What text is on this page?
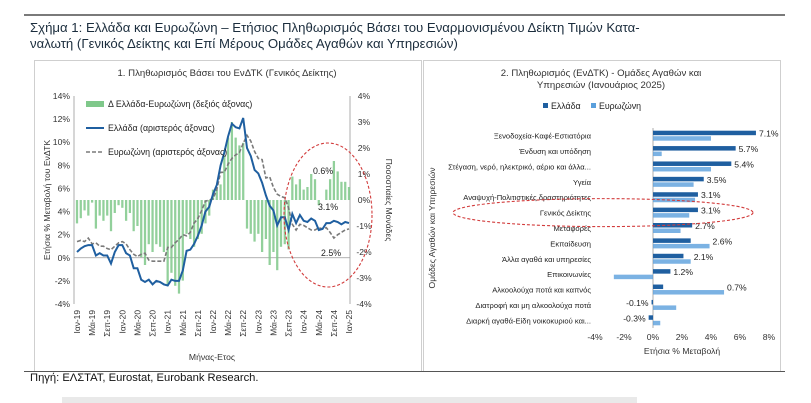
Σχήμα 1: Ελλάδα και Ευρωζώνη – Ετήσιος Πληθωρισμός Βάσει του Εναρμονισμένου Δείκτη Τιμών Κατα-
ναλωτή (Γενικός Δείκτης και Επί Μέρους Ομάδες Αγαθών και Υπηρεσιών)
1. Πληθωρισμός Βάσει του ΕνΔΤΚ (Γενικός Δείκτης)
14%
12%
10%
8%
6%
4%
2%
0%
-2%
-4%
4%
3%
2%
1%
0%
-1%
-2%
-3%
-4%
Ετήσια % Μεταβολή του ΕνΔΤΚ	Ποσοστιαίες Μονάδες
Μήνας-Ετος
Ιαν-19 Μάι-19 Σεπ-19 Ιαν-20 Μάι-20 Σεπ-20 Ιαν-21 Μάι-21 Σεπ-21 Ιαν-22 Μάι-22 Σεπ-22 Ιαν-23 Μάι-23 Σεπ-23 Ιαν-24 Μάι-24 Σεπ-24 Ιαν-25
Δ Ελλάδα-Ευρωζώνη (δεξιός άξονας)
Ελλάδα (αριστερός άξονας)
Ευρωζώνη (αριστερός άξονας)
0.6%
3.1%
2.5%
2. Πληθωρισμός (ΕνΔΤΚ) - Ομάδες Αγαθών και
Υπηρεσιών (Ιανουάριος 2025)
Ελλάδα Ευρωζώνη
-4% -2% 0% 2% 4% 6% 8%
Ετήσια % Μεταβολή
Ομάδες Αγαθών και Υπηρεσιών
Ξενοδοχεία-Καφέ-Εστιατόρια	7.1%
Ένδυση και υπόδηση	5.7%
Στέγαση, νερό, ηλεκτρικό, αέριο και άλλα...	5.4%
Υγεία	3.5%
Αναψυχή-Πολιτιστικές δραστηριότητες	3.1%
Γενικός Δείκτης	3.1%
Μεταφορές	2.7%
Εκπαίδευση	2.6%
Άλλα αγαθά και υπηρεσίες	2.1%
Επικοινωνίες	1.2%
Αλκοολούχα ποτά και καπνός	0.7%
Διατροφή και μη αλκοολούχα ποτά	-0.1%
Διαρκή αγαθά-Είδη νοικοκυριού και...	-0.3%
Πηγή: ΕΛΣΤΑΤ, Eurostat, Eurobank Research.
